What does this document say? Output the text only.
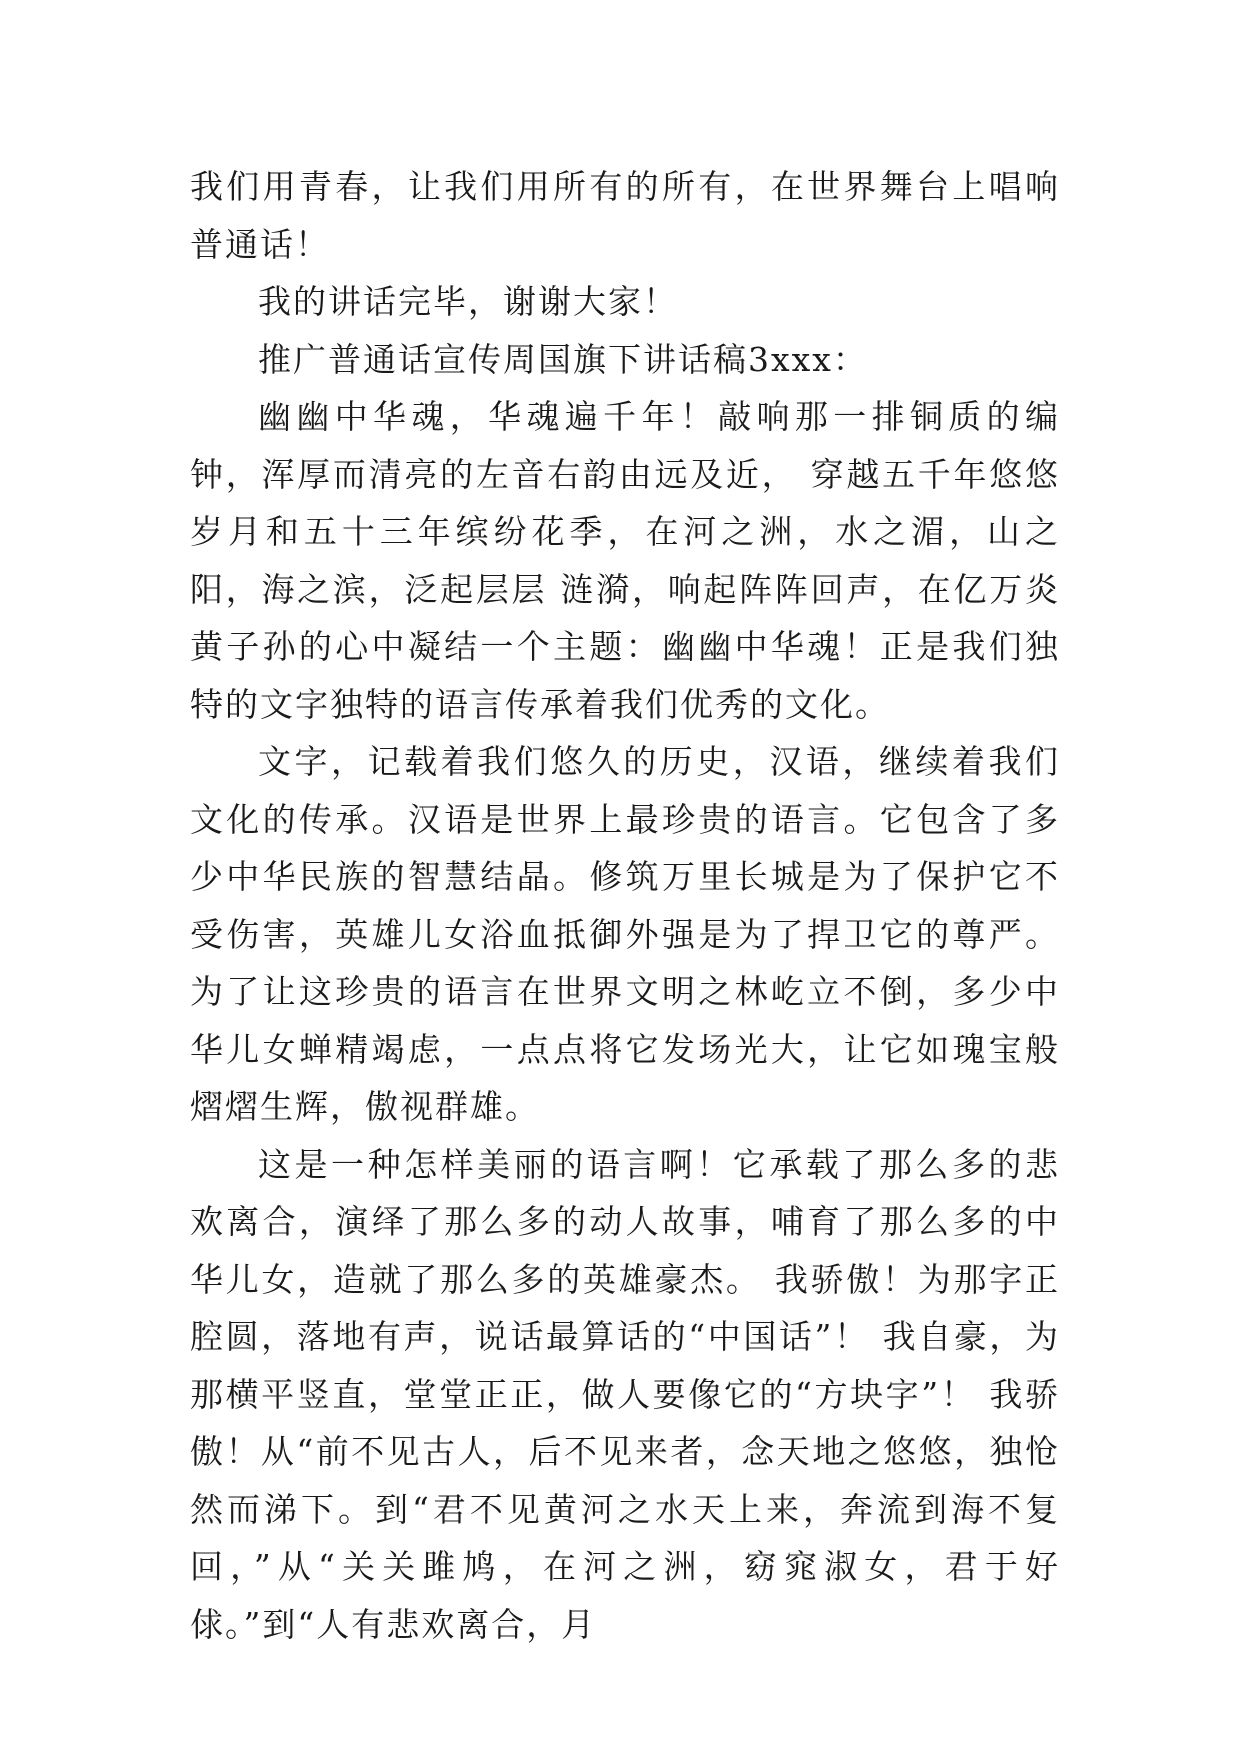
我们用青春，让我们用所有的所有，在世界舞台上唱响普通话！

我的讲话完毕，谢谢大家！

推广普通话宣传周国旗下讲话稿3xxx：

幽幽中华魂，华魂遍千年！敲响那一排铜质的编钟，浑厚而清亮的左音右韵由远及近， 穿越五千年悠悠岁月和五十三年缤纷花季，在河之洲，水之湄，山之阳，海之滨，泛起层层 涟漪，响起阵阵回声，在亿万炎黄子孙的心中凝结一个主题：幽幽中华魂！正是我们独特的文字独特的语言传承着我们优秀的文化。

文字，记载着我们悠久的历史，汉语，继续着我们文化的传承。汉语是世界上最珍贵的语言。它包含了多少中华民族的智慧结晶。修筑万里长城是为了保护它不受伤害，英雄儿女浴血抵御外强是为了捍卫它的尊严。为了让这珍贵的语言在世界文明之林屹立不倒，多少中华儿女蝉精竭虑，一点点将它发场光大，让它如瑰宝般熠熠生辉，傲视群雄。

这是一种怎样美丽的语言啊！它承载了那么多的悲欢离合，演绎了那么多的动人故事，哺育了那么多的中华儿女，造就了那么多的英雄豪杰。 我骄傲！为那字正腔圆，落地有声，说话最算话的“中国话”！ 我自豪，为那横平竖直，堂堂正正，做人要像它的“方块字”！ 我骄傲！从“前不见古人，后不见来者，念天地之悠悠，独怆然而涕下。到“君不见黄河之水天上来，奔流到海不复回，”从“关关雎鸠，在河之洲，窈窕淑女，君于好俅。”到“人有悲欢离合，月
